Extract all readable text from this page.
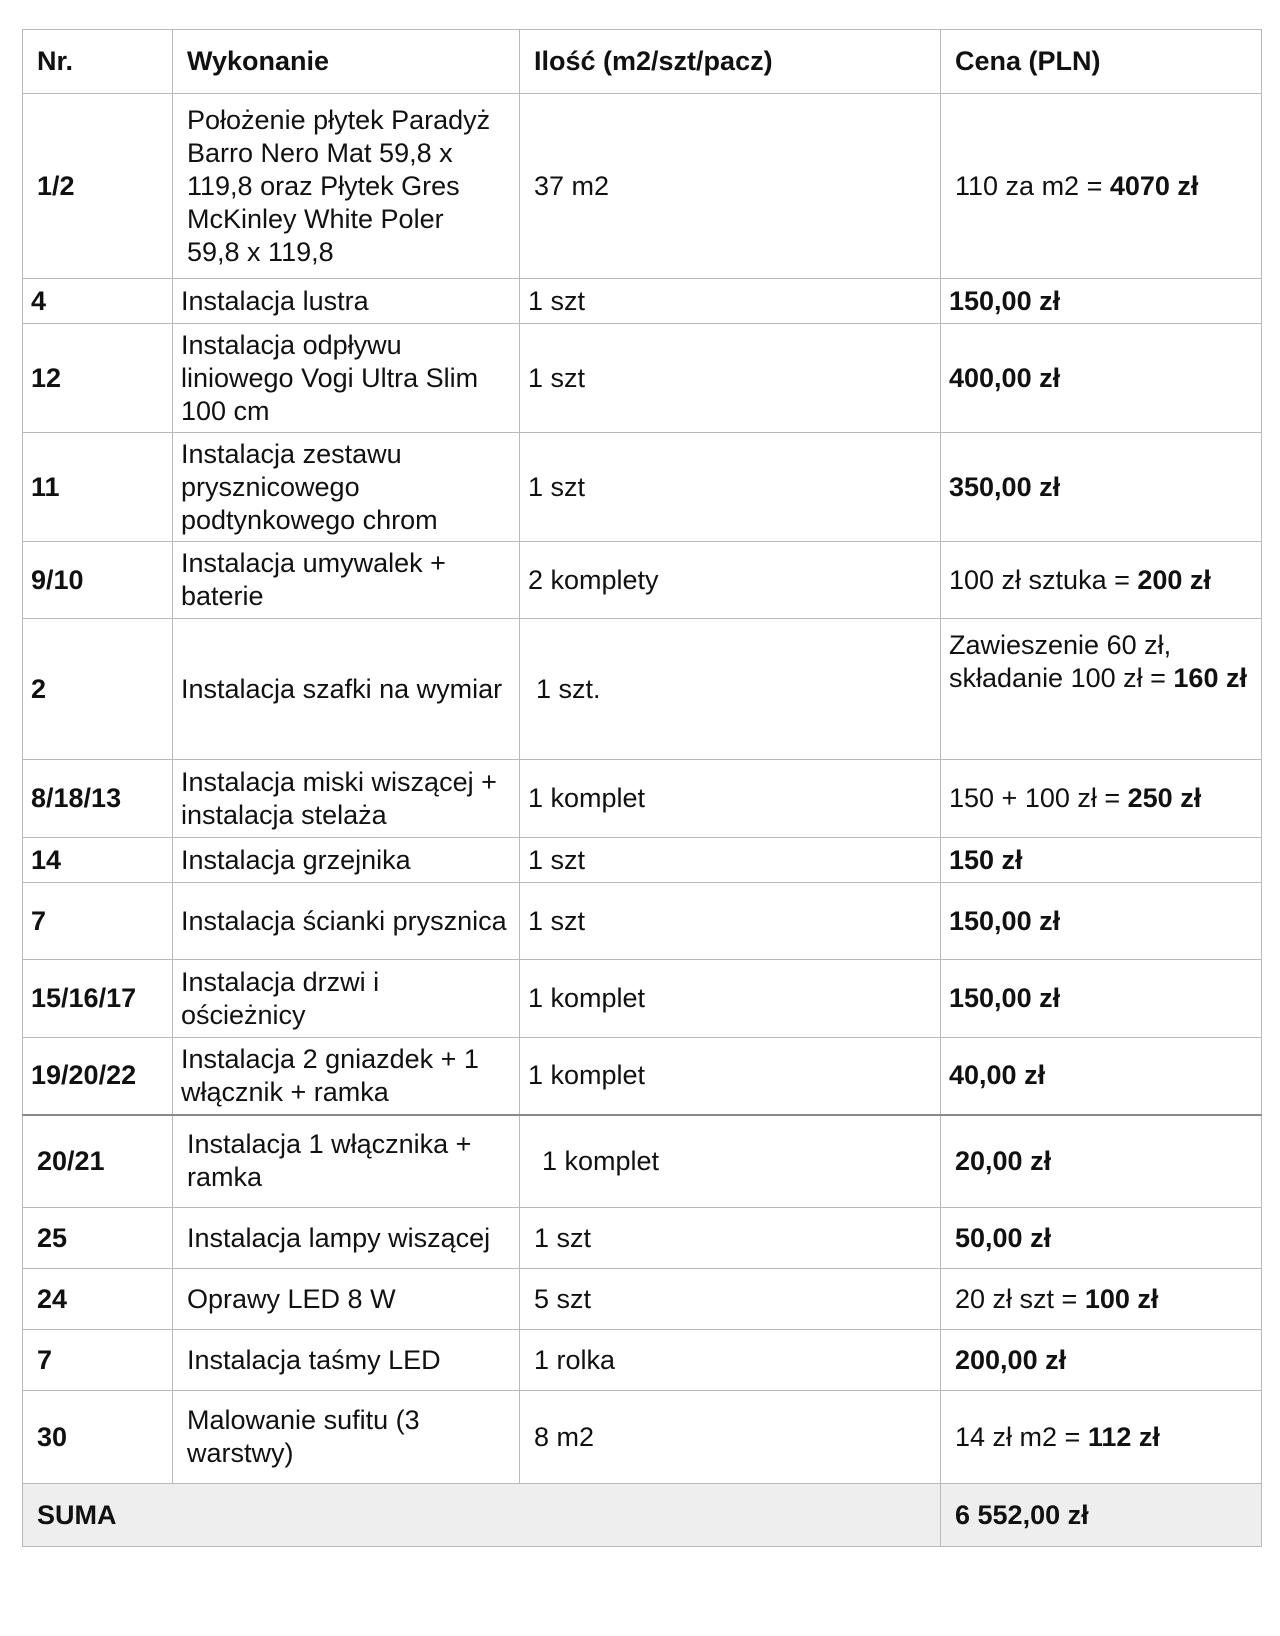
Nr.	Wykonanie	Ilość (m2/szt/pacz)	Cena (PLN)
1/2	Położenie płytek Paradyż Barro Nero Mat 59,8 x 119,8 oraz Płytek Gres McKinley White Poler 59,8 x 119,8	37 m2	110 za m2 = 4070 zł
4	Instalacja lustra	1 szt	150,00 zł
12	Instalacja odpływu liniowego Vogi Ultra Slim 100 cm	1 szt	400,00 zł
11	Instalacja zestawu prysznicowego podtynkowego chrom	1 szt	350,00 zł
9/10	Instalacja umywalek + baterie	2 komplety	100 zł sztuka = 200 zł
2	Instalacja szafki na wymiar	1 szt.	Zawieszenie 60 zł, składanie 100 zł = 160 zł
8/18/13	Instalacja miski wiszącej + instalacja stelaża	1 komplet	150 + 100 zł = 250 zł
14	Instalacja grzejnika	1 szt	150 zł
7	Instalacja ścianki prysznica	1 szt	150,00 zł
15/16/17	Instalacja drzwi i ościeżnicy	1 komplet	150,00 zł
19/20/22	Instalacja 2 gniazdek + 1 włącznik + ramka	1 komplet	40,00 zł
20/21	Instalacja 1 włącznika + ramka	1 komplet	20,00 zł
25	Instalacja lampy wiszącej	1 szt	50,00 zł
24	Oprawy LED 8 W	5 szt	20 zł szt = 100 zł
7	Instalacja taśmy LED	1 rolka	200,00 zł
30	Malowanie sufitu (3 warstwy)	8 m2	14 zł m2 = 112 zł
SUMA			6 552,00 zł
